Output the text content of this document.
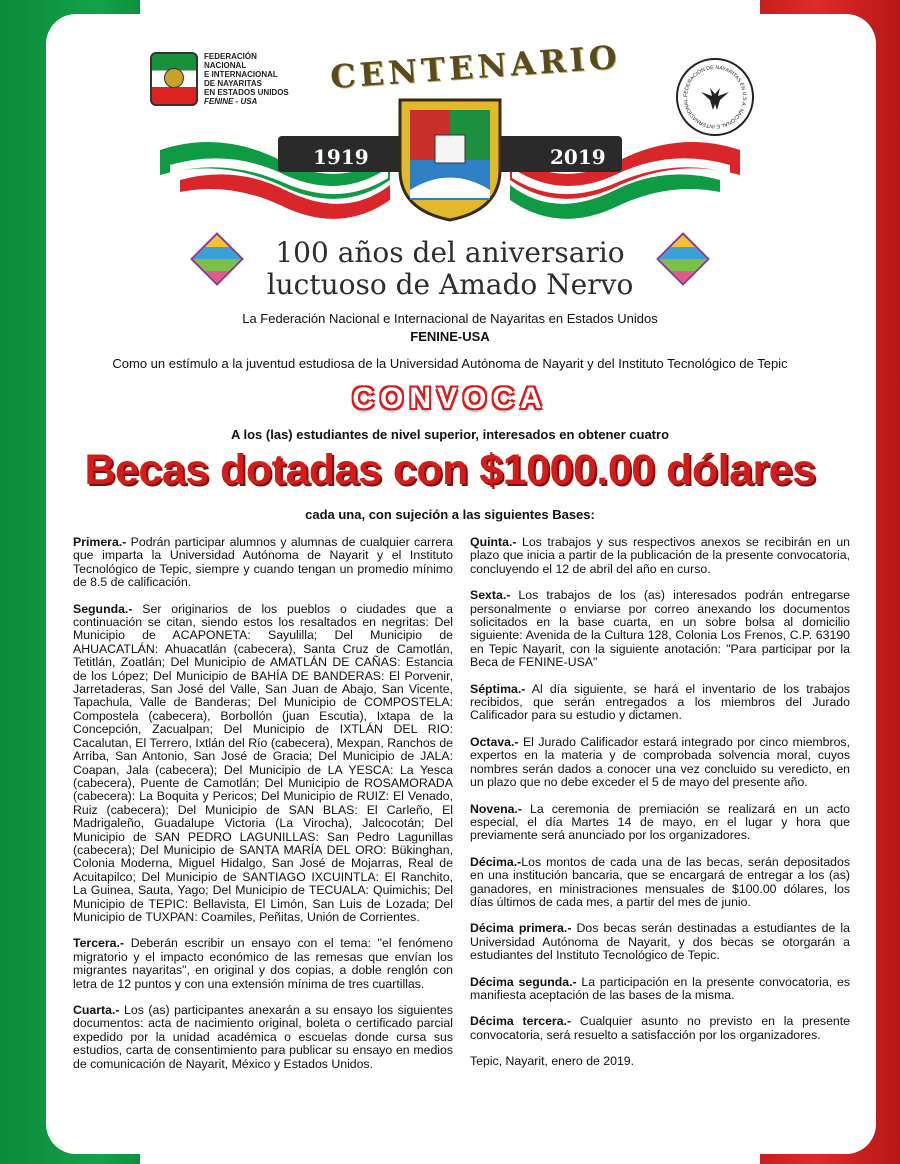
FEDERACIÓN
NACIONAL
E INTERNACIONAL
DE NAYARITAS
EN ESTADOS UNIDOS
FENINE - USA
FEDERACIÓN DE NAYARITAS EN U.S.A. NACIONAL E INTERNACIONAL
CENTENARIO
1919	2019
100 años del aniversario
luctuoso de Amado Nervo
La Federación Nacional e Internacional de Nayaritas en Estados Unidos
FENINE-USA
Como un estímulo a la juventud estudiosa de la Universidad Autónoma de Nayarit y del Instituto Tecnológico de Tepic
CONVOCA
A los (las) estudiantes de nivel superior, interesados en obtener cuatro
Becas dotadas con $1000.00 dólares
cada una, con sujeción a las siguientes Bases:

Primera.- Podrán participar alumnos y alumnas de cualquier carrera que imparta la Universidad Autónoma de Nayarit y el Instituto Tecnológico de Tepic, siempre y cuando tengan un promedio mínimo de 8.5 de calificación.

Segunda.- Ser originarios de los pueblos o ciudades que a continuación se citan, siendo estos los resaltados en negritas: Del Municipio de ACAPONETA: Sayulilla; Del Municipio de AHUACATLÁN: Ahuacatlán (cabecera), Santa Cruz de Camotlán, Tetitlán, Zoatlán; Del Municipio de AMATLÁN DE CAÑAS: Estancia de los López; Del Municipio de BAHÍA DE BANDERAS: El Porvenir, Jarretaderas, San José del Valle, San Juan de Abajo, San Vicente, Tapachula, Valle de Banderas; Del Municipio de COMPOSTELA: Compostela (cabecera), Borbollón (juan Escutia), Ixtapa de la Concepción, Zacualpan; Del Municipio de IXTLÁN DEL RIO: Cacalutan, El Terrero, Ixtlán del Río (cabecera), Mexpan, Ranchos de Arriba, San Antonio, San José de Gracia; Del Municipio de JALA: Coapan, Jala (cabecera); Del Municipio de LA YESCA: La Yesca (cabecera), Puente de Camotlán; Del Municipio de ROSAMORADA (cabecera): La Boquita y Pericos; Del Municipio de RUIZ: El Venado, Ruiz (cabecera); Del Municipio de SAN BLAS: El Carleño, El Madrigaleño, Guadalupe Victoria (La Virocha), Jalcocotán; Del Municipio de SAN PEDRO LAGUNILLAS: San Pedro Lagunillas (cabecera); Del Municipio de SANTA MARÍA DEL ORO: Bükinghan, Colonia Moderna, Miguel Hidalgo, San José de Mojarras, Real de Acuitapilco; Del Municipio de SANTIAGO IXCUINTLA: El Ranchito, La Guinea, Sauta, Yago; Del Municipio de TECUALA: Quimichis; Del Municipio de TEPIC: Bellavista, El Limón, San Luis de Lozada; Del Municipio de TUXPAN: Coamiles, Peñitas, Unión de Corrientes.

Tercera.- Deberán escribir un ensayo con el tema: "el fenómeno migratorio y el impacto económico de las remesas que envían los migrantes nayaritas", en original y dos copias, a doble renglón con letra de 12 puntos y con una extensión mínima de tres cuartillas.

Cuarta.- Los (as) participantes anexarán a su ensayo los siguientes documentos: acta de nacimiento original, boleta o certificado parcial expedido por la unidad académica o escuelas donde cursa sus estudios, carta de consentimiento para publicar su ensayo en medios de comunicación de Nayarit, México y Estados Unidos.

Quinta.- Los trabajos y sus respectivos anexos se recibirán en un plazo que inicia a partir de la publicación de la presente convocatoria, concluyendo el 12 de abril del año en curso.

Sexta.- Los trabajos de los (as) interesados podrán entregarse personalmente o enviarse por correo anexando los documentos solicitados en la base cuarta, en un sobre bolsa al domicilio siguiente: Avenida de la Cultura 128, Colonia Los Frenos, C.P. 63190 en Tepic Nayarit, con la siguiente anotación: "Para participar por la Beca de FENINE-USA"

Séptima.- Al día siguiente, se hará el inventario de los trabajos recibidos, que serán entregados a los miembros del Jurado Calificador para su estudio y dictamen.

Octava.- El Jurado Calificador estará integrado por cinco miembros, expertos en la materia y de comprobada solvencia moral, cuyos nombres serán dados a conocer una vez concluido su veredicto, en un plazo que no debe exceder el 5 de mayo del presente año.

Novena.- La ceremonia de premiación se realizará en un acto especial, el día Martes 14 de mayo, en el lugar y hora que previamente será anunciado por los organizadores.

Décima.-Los montos de cada una de las becas, serán depositados en una institución bancaria, que se encargará de entregar a los (as) ganadores, en ministraciones mensuales de $100.00 dólares, los días últimos de cada mes, a partir del mes de junio.

Décima primera.- Dos becas serán destinadas a estudiantes de la Universidad Autónoma de Nayarit, y dos becas se otorgarán a estudiantes del Instituto Tecnológico de Tepic.

Décima segunda.- La participación en la presente convocatoria, es manifiesta aceptación de las bases de la misma.

Décima tercera.- Cualquier asunto no previsto en la presente convocatoria, será resuelto a satisfacción por los organizadores.

Tepic, Nayarit, enero de 2019.
